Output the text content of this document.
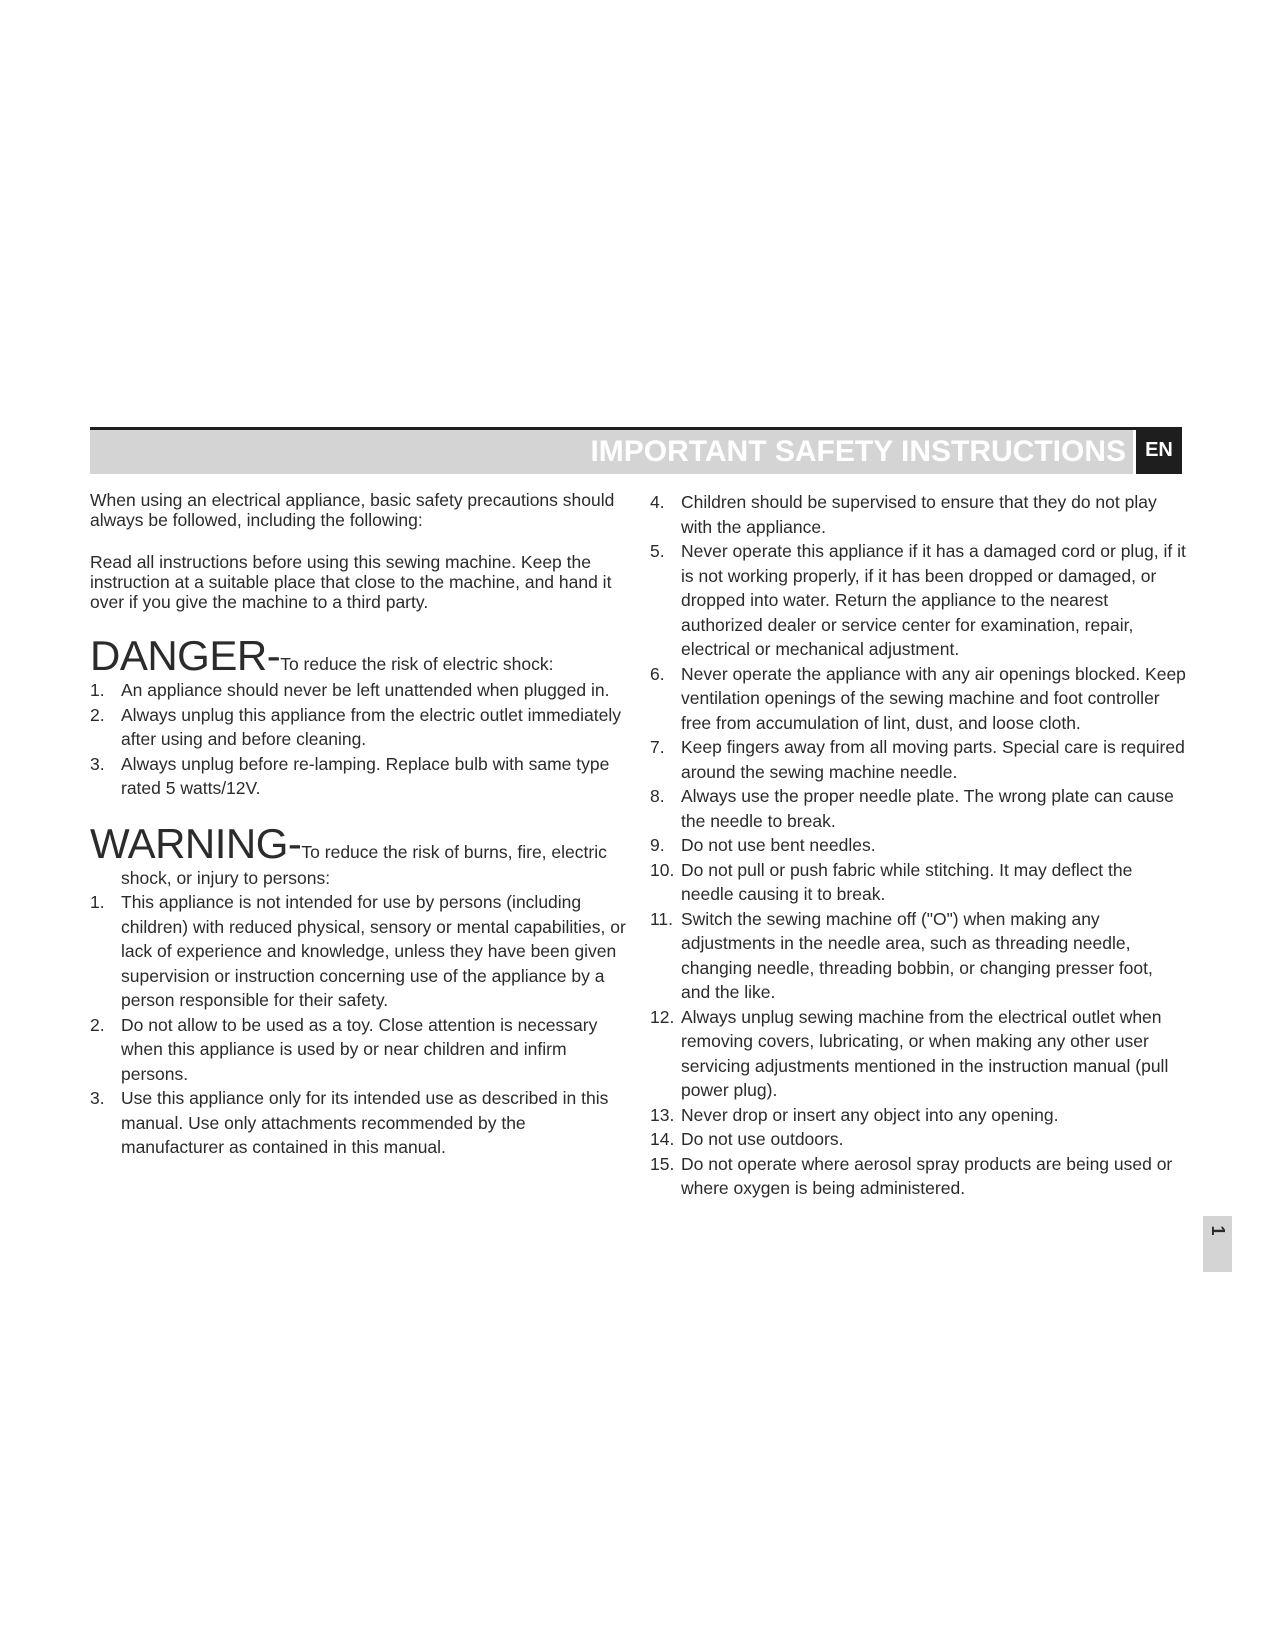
IMPORTANT SAFETY INSTRUCTIONS EN

When using an electrical appliance, basic safety precautions should always be followed, including the following:

Read all instructions before using this sewing machine. Keep the instruction at a suitable place that close to the machine, and hand it over if you give the machine to a third party.

DANGER-To reduce the risk of electric shock:
1. An appliance should never be left unattended when plugged in.
2. Always unplug this appliance from the electric outlet immediately after using and before cleaning.
3. Always unplug before re-lamping. Replace bulb with same type rated 5 watts/12V.
WARNING-To reduce the risk of burns, fire, electric

shock, or injury to persons:

1. This appliance is not intended for use by persons (including children) with reduced physical, sensory or mental capabilities, or lack of experience and knowledge, unless they have been given supervision or instruction concerning use of the appliance by a person responsible for their safety.
2. Do not allow to be used as a toy. Close attention is necessary when this appliance is used by or near children and infirm persons.
3. Use this appliance only for its intended use as described in this manual. Use only attachments recommended by the manufacturer as contained in this manual.
4. Children should be supervised to ensure that they do not play with the appliance.
5. Never operate this appliance if it has a damaged cord or plug, if it is not working properly, if it has been dropped or damaged, or dropped into water. Return the appliance to the nearest authorized dealer or service center for examination, repair, electrical or mechanical adjustment.
6. Never operate the appliance with any air openings blocked. Keep ventilation openings of the sewing machine and foot controller free from accumulation of lint, dust, and loose cloth.
7. Keep fingers away from all moving parts. Special care is required around the sewing machine needle.
8. Always use the proper needle plate. The wrong plate can cause the needle to break.
9. Do not use bent needles.
10. Do not pull or push fabric while stitching. It may deflect the needle causing it to break.
11. Switch the sewing machine off ("O") when making any adjustments in the needle area, such as threading needle, changing needle, threading bobbin, or changing presser foot, and the like.
12. Always unplug sewing machine from the electrical outlet when removing covers, lubricating, or when making any other user servicing adjustments mentioned in the instruction manual (pull power plug).
13. Never drop or insert any object into any opening.
14. Do not use outdoors.
15. Do not operate where aerosol spray products are being used or where oxygen is being administered.
1
